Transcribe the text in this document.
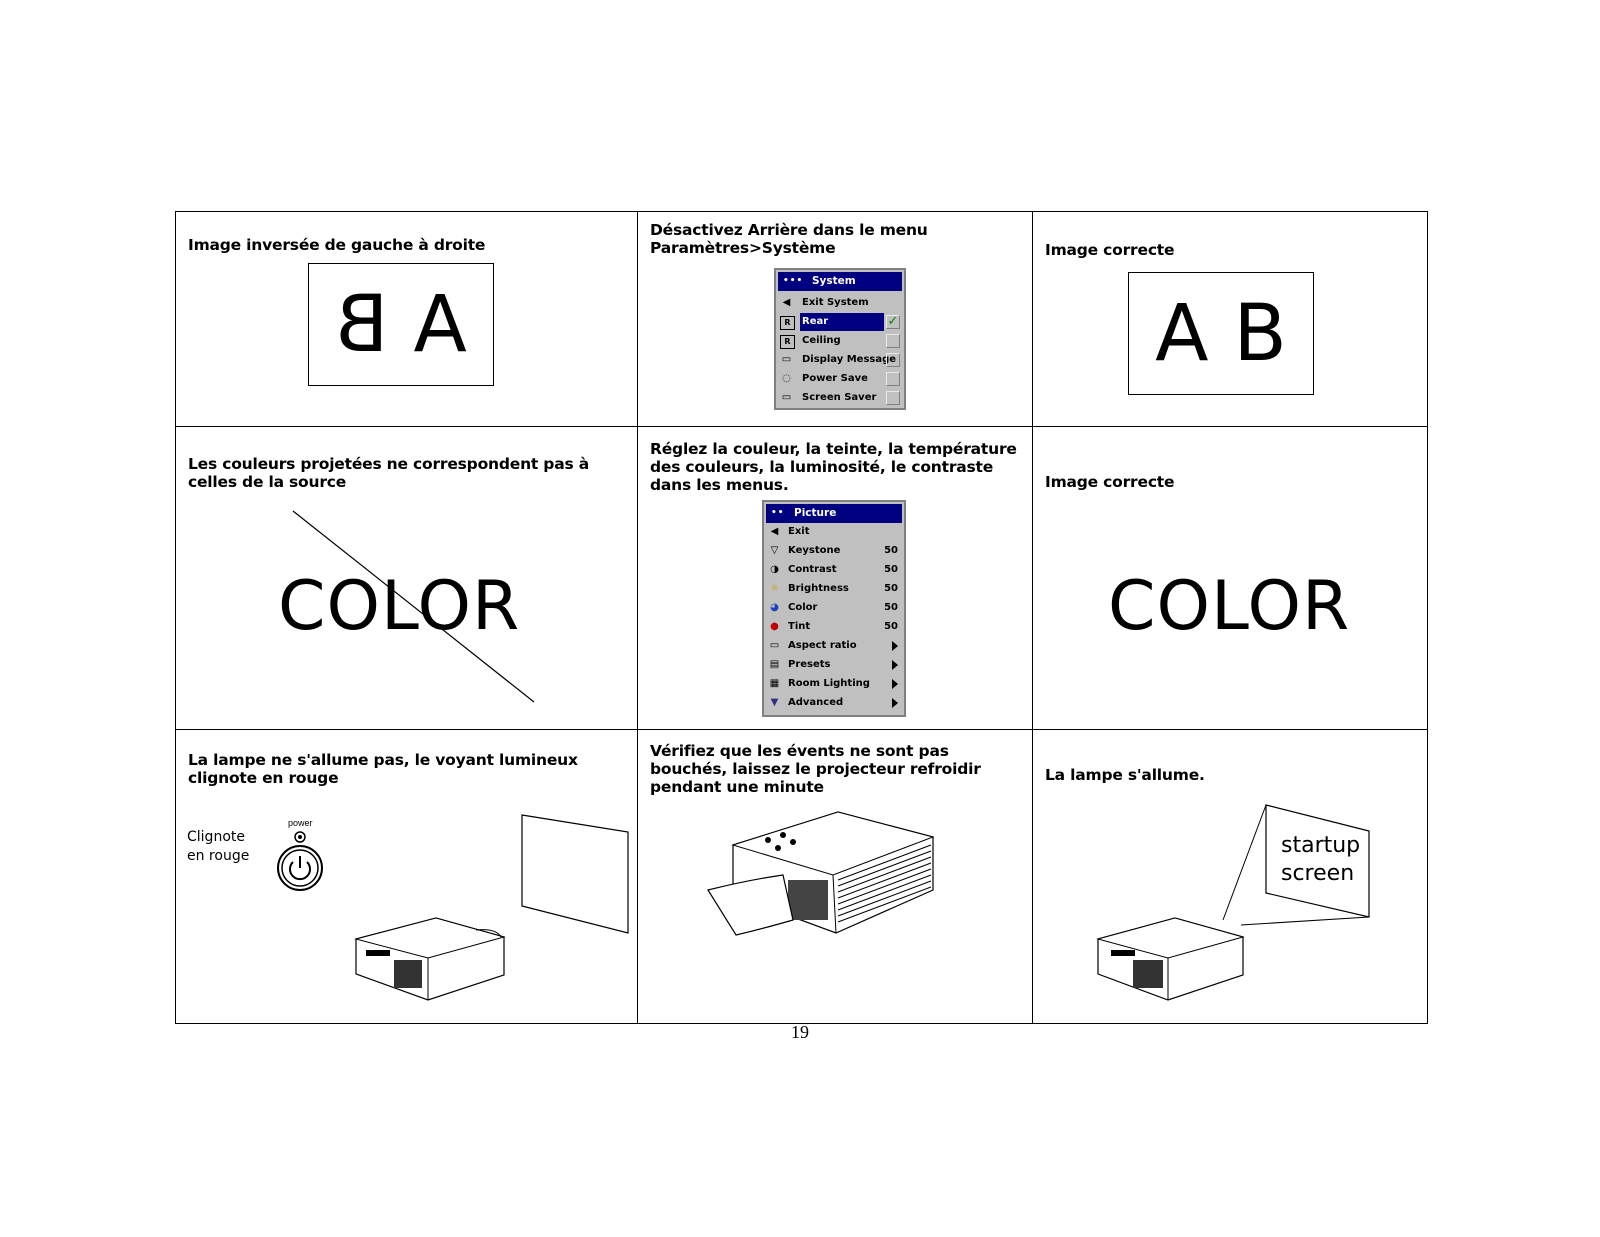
Image inversée de gauche à droite
B A
Désactivez Arrière dans le menu Paramètres>Système
••• System
◀ Exit System
R	Rear	✓
R	Ceiling
▭ Display Message
◌ Power Save
▭ Screen Saver
Image correcte
A B
Les couleurs projetées ne correspondent pas à celles de la source
COLOR
Réglez la couleur, la teinte, la température des couleurs, la luminosité, le contraste dans les menus.
•• Picture
◀ Exit
▽ Keystone	50
◑ Contrast	50
☼ Brightness	50
◕ Color	50
● Tint	50
▭ Aspect ratio
▤ Presets
▦ Room Lighting
▼ Advanced
Image correcte
COLOR
La lampe ne s'allume pas, le voyant lumineux clignote en rouge
Clignote
en rouge
power
Vérifiez que les évents ne sont pas bouchés, laissez le projecteur refroidir pendant une minute
La lampe s'allume.
startup
screen
19
